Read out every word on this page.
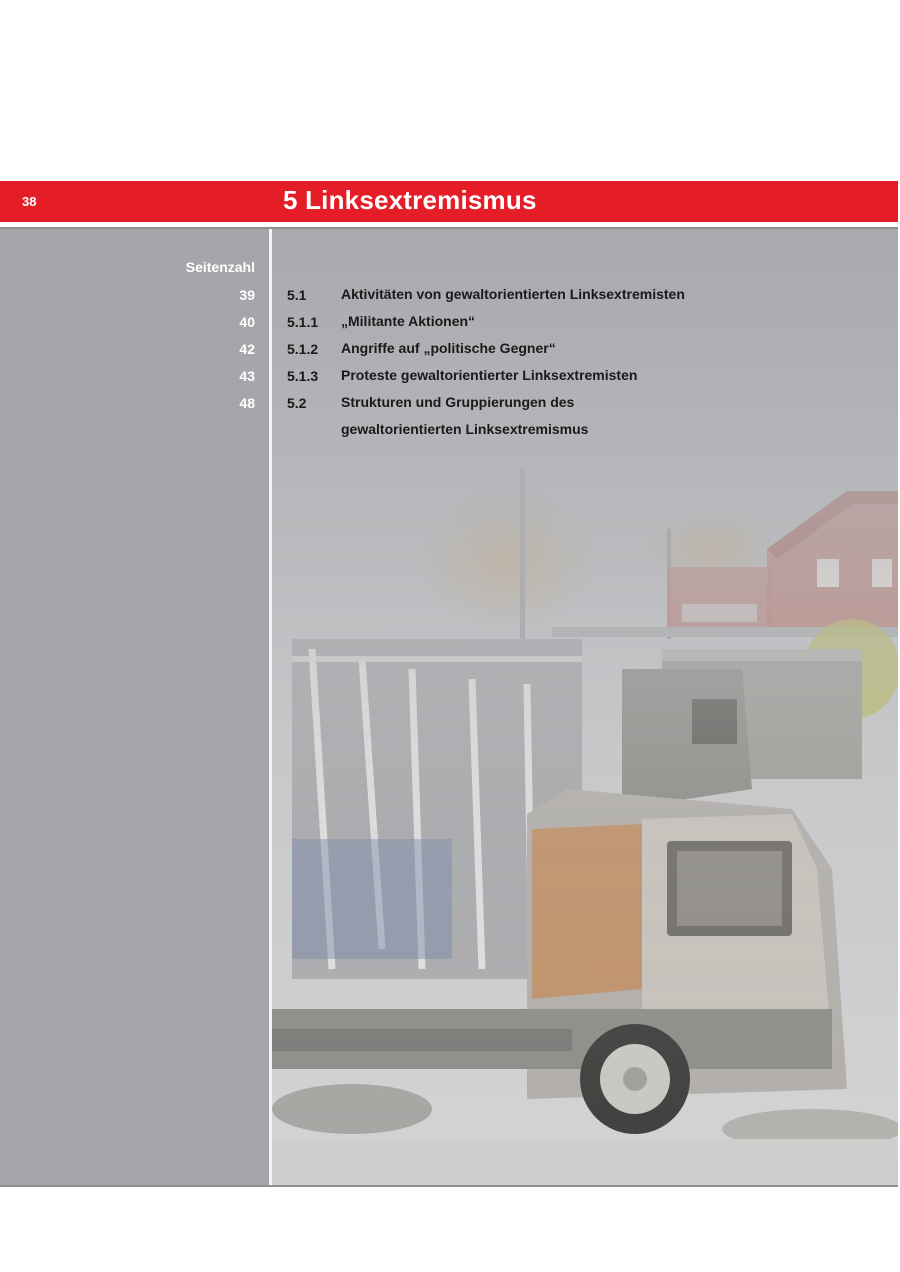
38	5 Linksextremismus
Seitenzahl
39 5.1 Aktivitäten von gewaltorientierten Linksextremisten
40 5.1.1 „Militante Aktionen“
42 5.1.2 Angriffe auf „politische Gegner“
43 5.1.3 Proteste gewaltorientierter Linksextremisten
48 5.2 Strukturen und Gruppierungen des gewaltorientierten Linksextremismus
